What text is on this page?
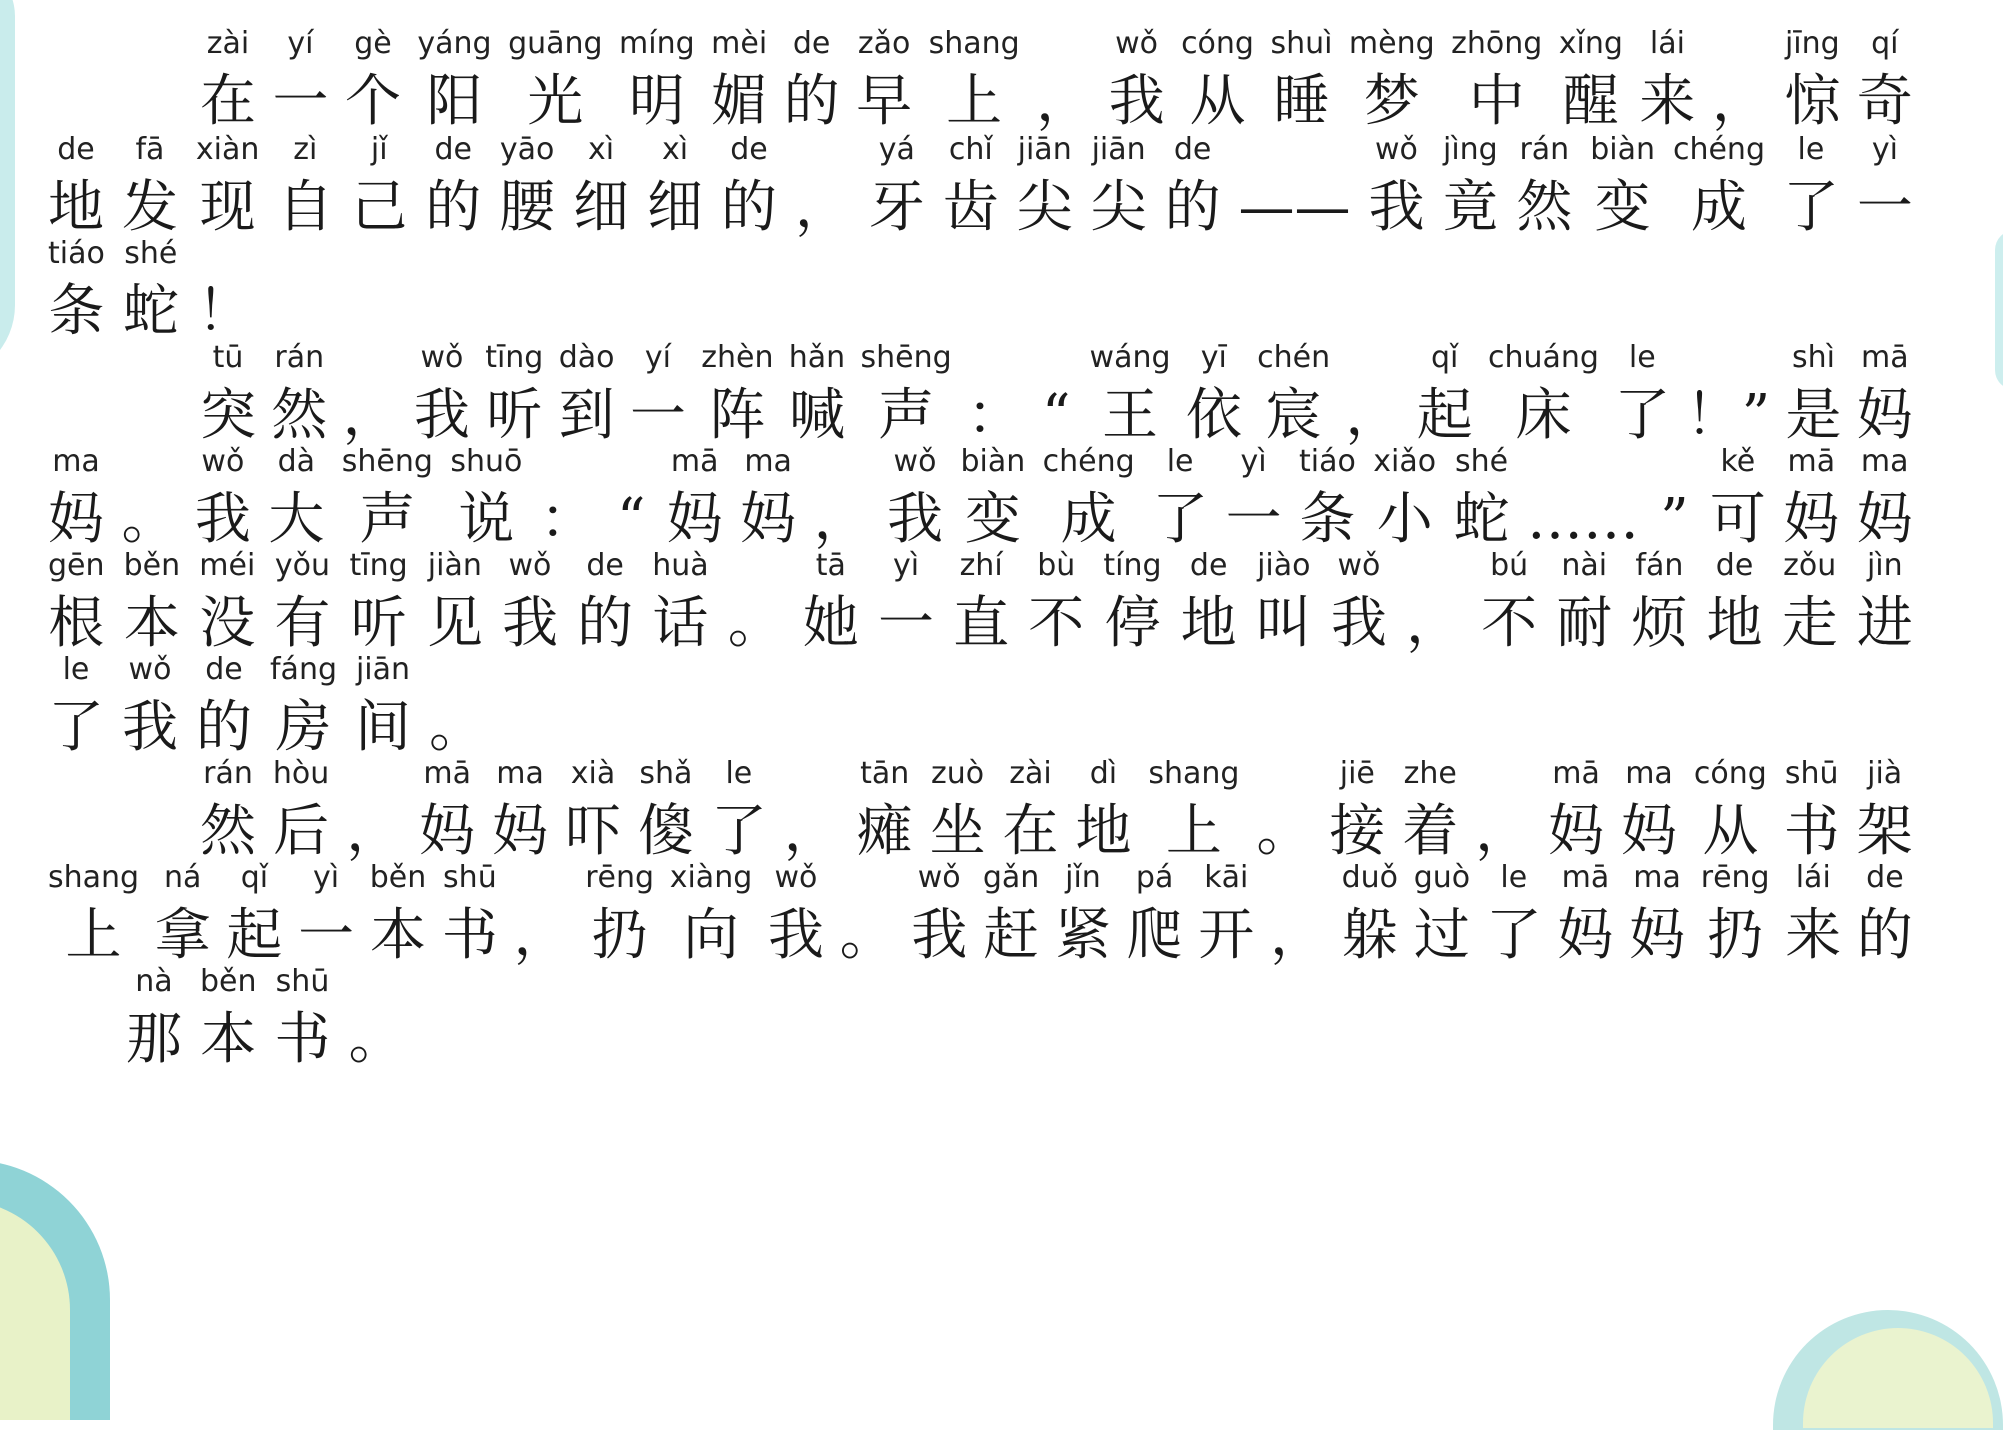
zài
在
yí
一
gè
个
yáng
阳
guāng
光
míng
明
mèi
媚
de
的
zǎo
早
shang
上 ，
wǒ
我
cóng
从
shuì
睡
mèng
梦
zhōng
中
xǐng
醒
lái
来 ，
jīng
惊
qí
奇
de
地
fā
发
xiàn
现
zì
自
jǐ
己
de
的
yāo
腰
xì
细
xì
细
de
的 ，
yá
牙
chǐ
齿
jiān
尖
jiān
尖
de
的 ——
wǒ
我
jìng
竟
rán
然
biàn
变
chéng
成
le
了
yì
一
tiáo
条
shé
蛇 ！
tū
突
rán
然 ，
wǒ
我
tīng
听
dào
到
yí
一
zhèn
阵
hǎn
喊
shēng
声 ： “
wáng
王
yī
依
chén
宸 ，
qǐ
起
chuáng
床
le
了 ！”
shì
是
mā
妈
ma
妈 。
wǒ
我
dà
大
shēng
声
shuō
说 ： “
mā
妈
ma
妈 ，
wǒ
我
biàn
变
chéng
成
le
了
yì
一
tiáo
条
xiǎo
小
shé
蛇 …… ”
kě
可
mā
妈
ma
妈
gēn
根
běn
本
méi
没
yǒu
有
tīng
听
jiàn
见
wǒ
我
de
的
huà
话 。
tā
她
yì
一
zhí
直
bù
不
tíng
停
de
地
jiào
叫
wǒ
我 ，
bú
不
nài
耐
fán
烦
de
地
zǒu
走
jìn
进
le
了
wǒ
我
de
的
fáng
房
jiān
间 。
rán
然
hòu
后 ，
mā
妈
ma
妈
xià
吓
shǎ
傻
le
了 ，
tān
瘫
zuò
坐
zài
在
dì
地
shang
上 。
jiē
接
zhe
着 ，
mā
妈
ma
妈
cóng
从
shū
书
jià
架
shang
上
ná
拿
qǐ
起
yì
一
běn
本
shū
书 ，
rēng
扔
xiàng
向
wǒ
我 。
wǒ
我
gǎn
赶
jǐn
紧
pá
爬
kāi
开 ，
duǒ
躲
guò
过
le
了
mā
妈
ma
妈
rēng
扔
lái
来
de
的
nà
那
běn
本
shū
书 。
